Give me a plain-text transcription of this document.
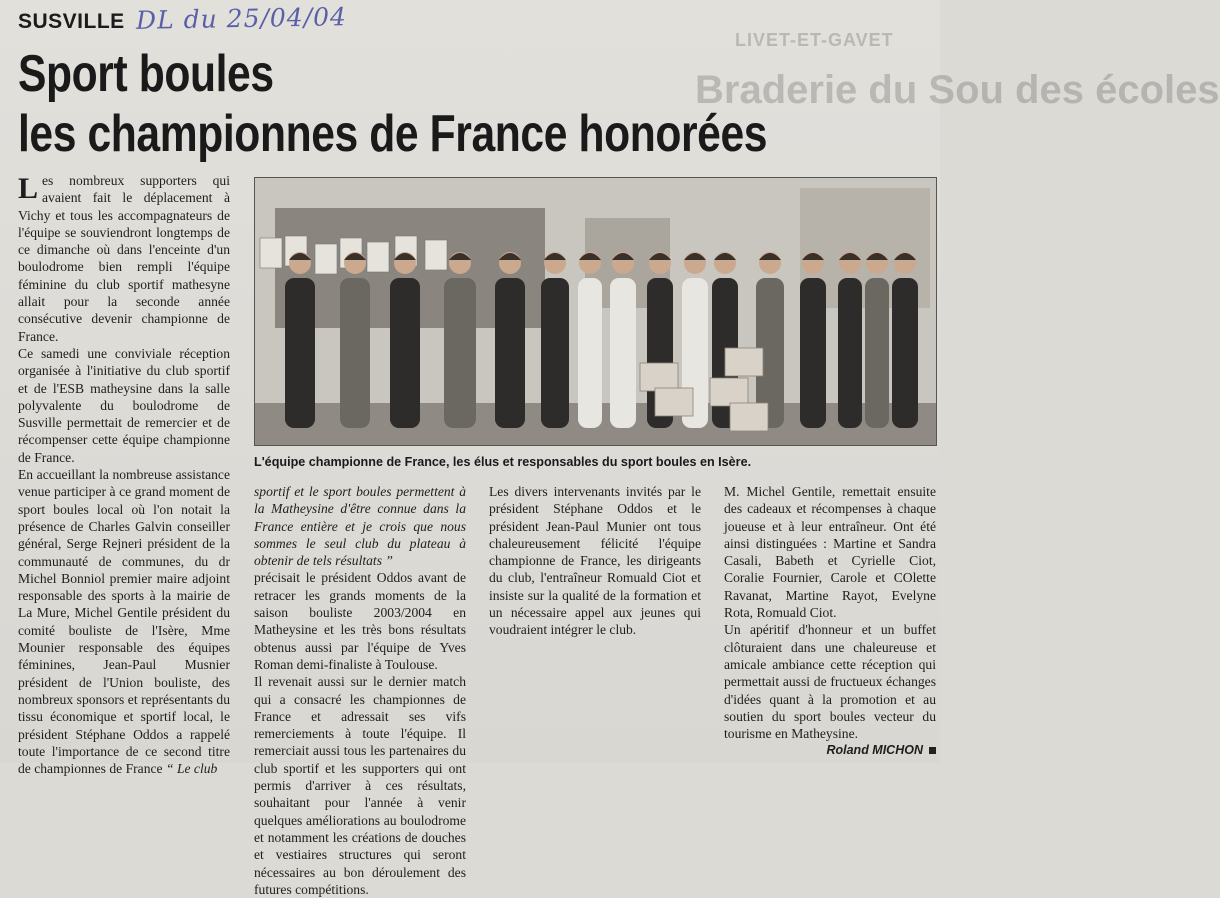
LIVET-ET-GAVET
Braderie du Sou des écoles
SUSVILLE DL du 25/04/04
Sport boules
les championnes de France honorées

Les nombreux supporters qui avaient fait le déplacement à Vichy et tous les accompagnateurs de l'équipe se souviendront longtemps de ce dimanche où dans l'enceinte d'un boulodrome bien rempli l'équipe féminine du club sportif mathesyne allait pour la seconde année consécutive devenir championne de France.

Ce samedi une conviviale réception organisée à l'initiative du club sportif et de l'ESB matheysine dans la salle polyvalente du boulodrome de Susville permettait de remercier et de récompenser cette équipe championne de France.

En accueillant la nombreuse assistance venue participer à ce grand moment de sport boules local où l'on notait la présence de Charles Galvin conseiller général, Serge Rejneri président de la communauté de communes, du dr Michel Bonniol premier maire adjoint responsable des sports à la mairie de La Mure, Michel Gentile président du comité bouliste de l'Isère, Mme Mounier responsable des équipes féminines, Jean-Paul Musnier président de l'Union bouliste, des nombreux sponsors et représentants du tissu économique et sportif local, le président Stéphane Oddos a rappelé toute l'importance de ce second titre de championnes de France “ Le club

L'équipe championne de France, les élus et responsables du sport boules en Isère.

sportif et le sport boules permettent à la Matheysine d'être connue dans la France entière et je crois que nous sommes le seul club du plateau à obtenir de tels résultats ”

précisait le président Oddos avant de retracer les grands moments de la saison bouliste 2003/2004 en Matheysine et les très bons résultats obtenus aussi par l'équipe de Yves Roman demi-finaliste à Toulouse.

Il revenait aussi sur le dernier match qui a consacré les championnes de France et adressait ses vifs remerciements à toute l'équipe. Il remerciait aussi tous les partenaires du club sportif et les supporters qui ont permis d'arriver à ces résultats, souhaitant pour l'année à venir quelques améliorations au boulodrome et notamment les créations de douches et vestiaires structures qui seront nécessaires au bon déroulement des futures compétitions.

Les divers intervenants invités par le président Stéphane Oddos et le président Jean-Paul Munier ont tous chaleureusement félicité l'équipe championne de France, les dirigeants du club, l'entraîneur Romuald Ciot et insiste sur la qualité de la formation et un nécessaire appel aux jeunes qui voudraient intégrer le club.

M. Michel Gentile, remettait ensuite des cadeaux et récompenses à chaque joueuse et à leur entraîneur. Ont été ainsi distinguées : Martine et Sandra Casali, Babeth et Cyrielle Ciot, Coralie Fournier, Carole et COlette Ravanat, Martine Rayot, Evelyne Rota, Romuald Ciot.

Un apéritif d'honneur et un buffet clôturaient dans une chaleureuse et amicale ambiance cette réception qui permettait aussi de fructueux échanges d'idées quant à la promotion et au soutien du sport boules vecteur du tourisme en Matheysine.

Roland MICHON
